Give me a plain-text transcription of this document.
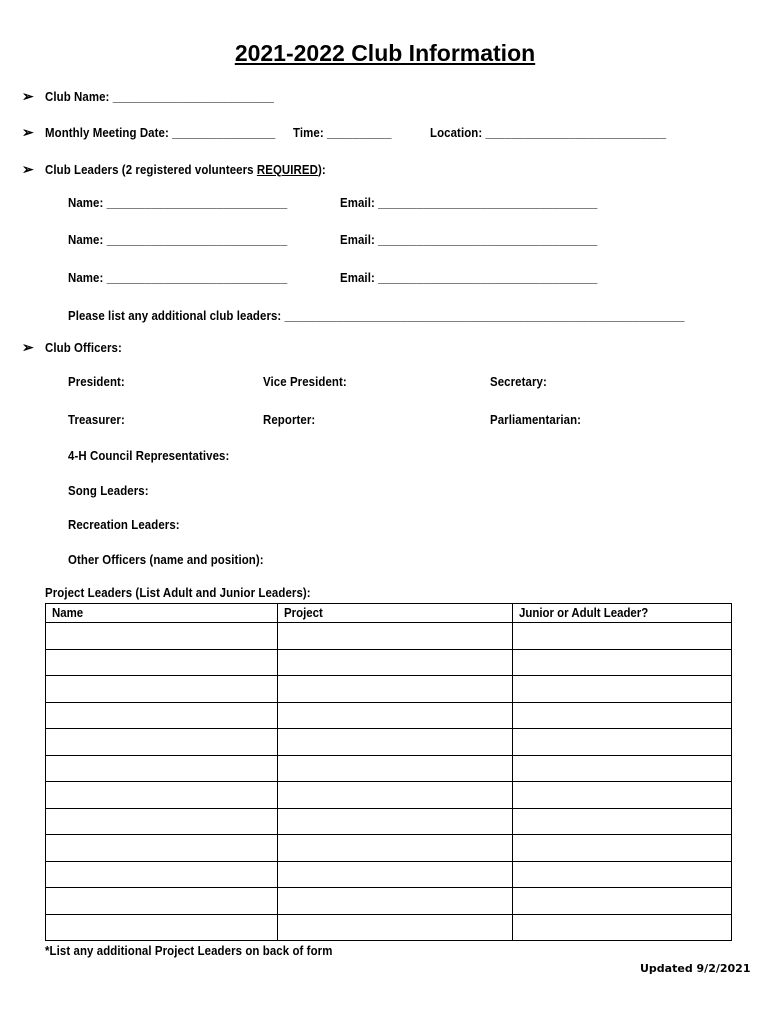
2021-2022 Club Information
➢ Club Name: _________________________
➢ Monthly Meeting Date: ________________ Time: __________	Location: ____________________________
➢ Club Leaders (2 registered volunteers REQUIRED):
Name: ____________________________	Email: __________________________________
Name: ____________________________	Email: __________________________________
Name: ____________________________	Email: __________________________________
Please list any additional club leaders: ______________________________________________________________
➢ Club Officers:
President:	Vice President:	Secretary:
Treasurer:	Reporter:	Parliamentarian:
4-H Council Representatives:
Song Leaders:
Recreation Leaders:
Other Officers (name and position):
Project Leaders (List Adult and Junior Leaders):
Name	Project	Junior or Adult Leader?

*List any additional Project Leaders on back of form
Updated 9/2/2021
